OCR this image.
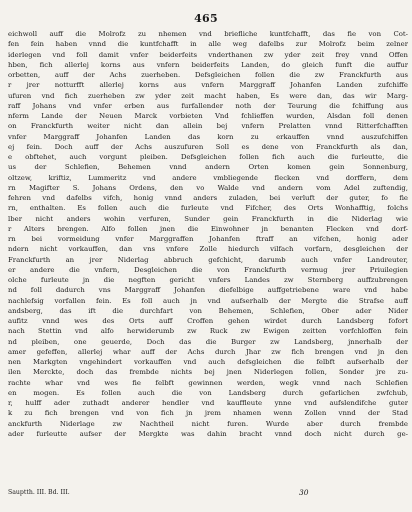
465
eichwoll auff die Molrofz zu nhemen vnd briefliche kuntfchafft, das fie von Cot-
fen fein haben vnnd die kuntfchafft in alle weg dafelbs zur Molrofz beim zelner
iderlegen vnd foll damit vnfer beiderfeits vnderthanen zw yder zeit frey vnnd Offen
hben, fich allerlej korns aus vnfern beiderfeits Landen, do gleich funft die auffur
orbetten, auff der Achs zuerheben. Defsgleichen follen die zw Franckfurth aus
r jrer notturfft allerlej korns aus vnfern Marggraff Johanfen Landen zufchiffe
ufuren vnd fich zuerheben zw yder zeit macht haben, Es were dan, das wir Marg-
raff Johans vnd vnfer erben aus furfallender noth der Teurung die fchiffung aus
nferm Lande der Neuen Marck vorbieten Vnd fchlieffen wurden, Alsdan foll denen
on Franckfurth weiter nicht dan allein bej vnfern Prelatten vnnd Ritterfchafften
vnfer Marggraff Johanfen Landen das korn zu erkauffen vnnd auszufchiffen
ej fein. Doch auff der Achs auszufuren Soll es dene von Franckfurth als dan,
e obftehet, auch vorgunt pleiben. Defsgleichen follen fich auch die furleutte, die
us der Schlefien, Behemen vnnd andern Orten komen gein Sonnenburg,
oltzew, kriftiz, Lummeritz vnd andere vmbliegende flecken vnd dorffern, dem
rn Magifter S. Johans Ordens, den vo Walde vnd andern vom Adel zuftendig,
fehren vnd dafelbs vifch, honig vnnd anders zuladen, bei verluft der guter, fo fie
rn, enthalten. Es follen auch die furleute vnd Fifcher, des Orts Wonhafftig, folchs
lber nicht anders wohin verfuren, Sunder gein Franckfurth in die Niderlag wie
r Alters brengen. Alfo follen jnen die Einwohner jn benanten Flecken vnd dorf-
rn bei vormeidung vnfer Marggraffen Johanfen ftraff an vifchen, honig ader
ndern nicht vorkauffen, dan vns vnfere Zolle hiedurch vilfach vorfarn, desgleichen der
Franckfurth an jrer Niderlag abbruch gefchicht, darumb auch vnfer Landreuter,
er andere die vnfern, Desgleichen die von Franckfurth vermug jrer Priuilegien
olche furleute jn die negften gericht vnfers Landes zw Sternberg auffzubrengen
nd foll dadurch vns Marggraff Johanfen diefelbige auffgetriebene ware vnd habe
nachlefsig vorfallen fein. Es foll auch jn vnd aufserhalb der Mergte die Strafse auff
andsberg, das ift die durchfart von Behemen, Schlefien, Ober ader Nider
aufitz vnnd wes des Orts auff Croffen gehen wirdet durch Landsberg fofort
nach Stettin vnd alfo herwiderumb zw Ruck zw Ewigen zeitten vorfchloffen fein
nd pleiben, one geuerde, Doch das die Burger zw Landsberg, jnnerhalb der
amer gefeffen, allerlej whar auff der Achs durch Jhar zw fich brengen vnd jn den
nen Markgten vngehindert vorkauffen vnd auch defsgleichen die felbft aufserhalb der
ilen Merckte, doch das frembde nichts bej jnen Niderlegen follen, Sonder jre zu-
rachte whar vnd wes fie felbft gewinnen werden, wegk vnnd nach Schlefien
en mogen. Es follen auch die von Landsberg durch gefarlichen zwfchub,
r, hulff ader zuthadt anderer hendler vnd kauffleute ynne vnd aufslendifche guter
k zu fich brengen vnd von fich jn jrem nhamen wenn Zollen vnnd der Stad
anckfurth Niderlage zw Nachtheil nicht furen. Wurde aber durch frembde
ader furleutte aufser der Mergkte was dahin bracht vnnd doch nicht durch ge-
Sauptth. III. Bd. III.	30
